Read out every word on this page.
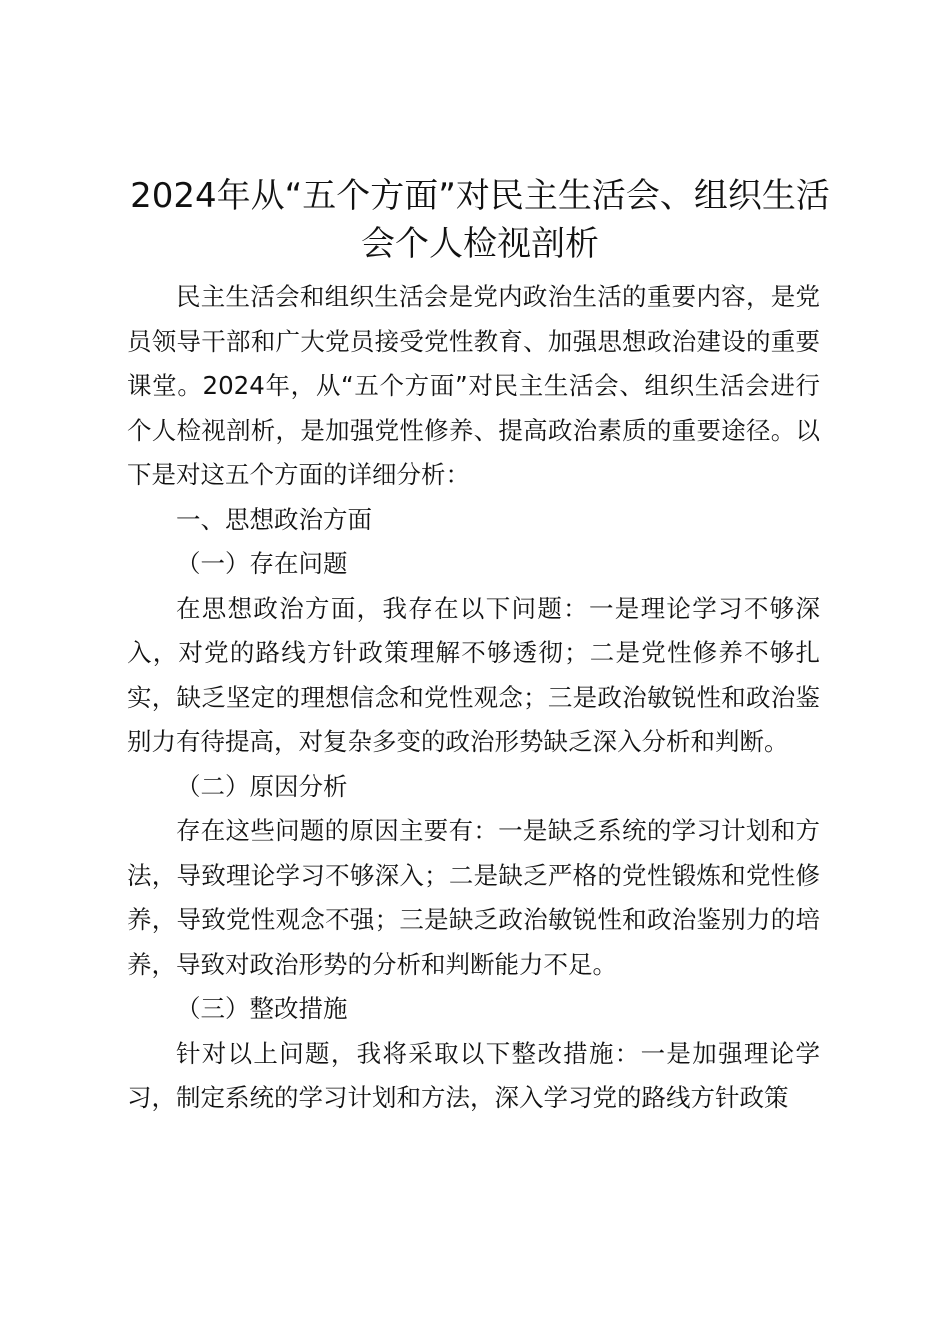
2024年从“五个方面”对民主生活会、组织生活会个人检视剖析

民主生活会和组织生活会是党内政治生活的重要内容，是党员领导干部和广大党员接受党性教育、加强思想政治建设的重要课堂。2024年，从“五个方面”对民主生活会、组织生活会进行个人检视剖析，是加强党性修养、提高政治素质的重要途径。以下是对这五个方面的详细分析：

一、思想政治方面

（一）存在问题

在思想政治方面，我存在以下问题：一是理论学习不够深入，对党的路线方针政策理解不够透彻；二是党性修养不够扎实，缺乏坚定的理想信念和党性观念；三是政治敏锐性和政治鉴别力有待提高，对复杂多变的政治形势缺乏深入分析和判断。

（二）原因分析

存在这些问题的原因主要有：一是缺乏系统的学习计划和方法，导致理论学习不够深入；二是缺乏严格的党性锻炼和党性修养，导致党性观念不强；三是缺乏政治敏锐性和政治鉴别力的培养，导致对政治形势的分析和判断能力不足。

（三）整改措施

针对以上问题，我将采取以下整改措施：一是加强理论学习，制定系统的学习计划和方法，深入学习党的路线方针政策
